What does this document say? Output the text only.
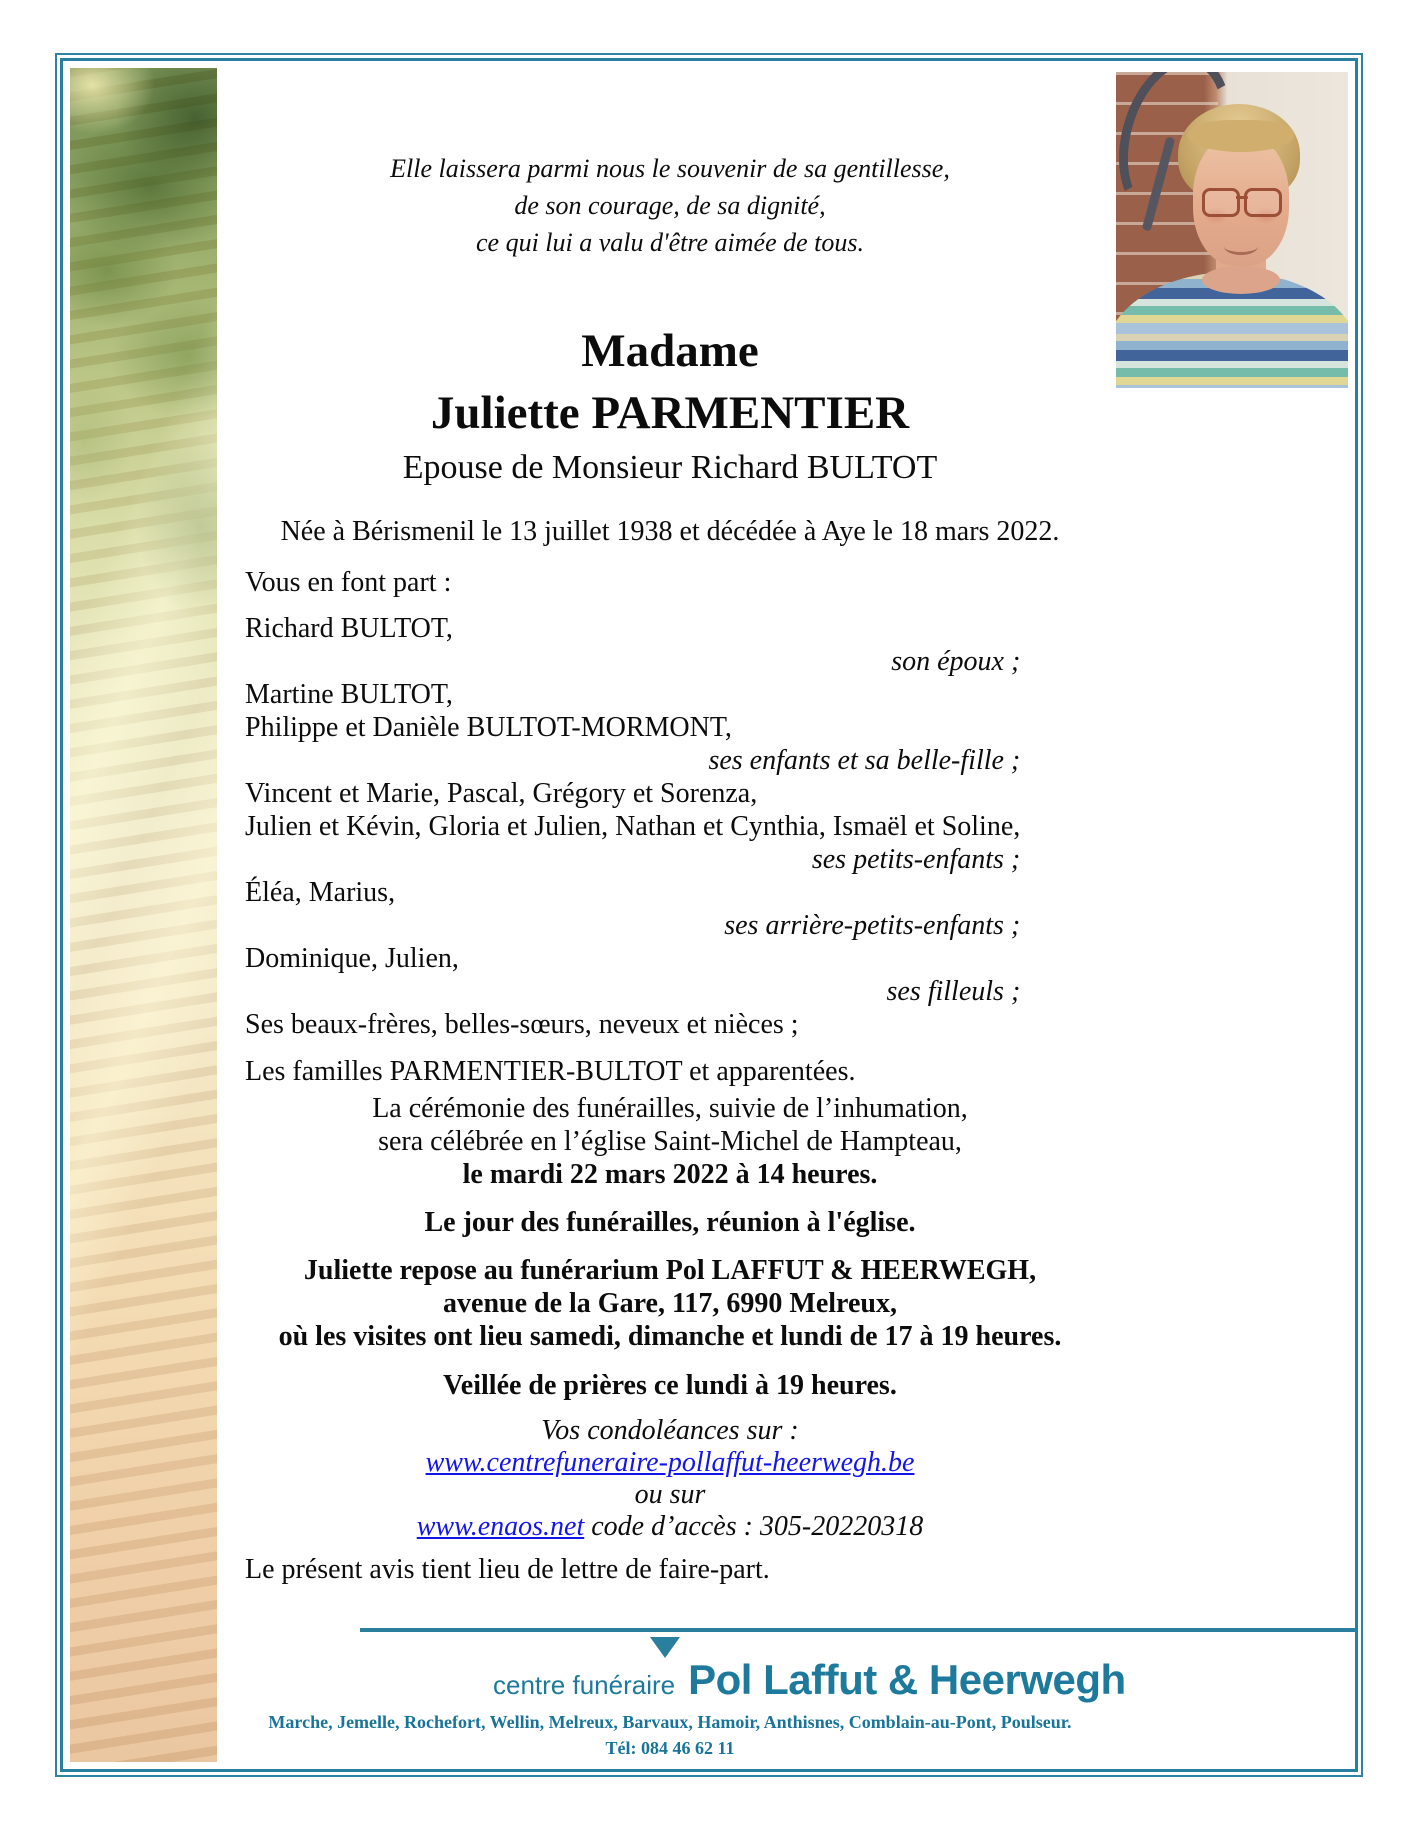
Elle laissera parmi nous le souvenir de sa gentillesse,

de son courage, de sa dignité,

ce qui lui a valu d'être aimée de tous.

Madame

Juliette PARMENTIER

Epouse de Monsieur Richard BULTOT
Née à Bérismenil le 13 juillet 1938 et décédée à Aye le 18 mars 2022.
Vous en font part :

Richard BULTOT,

son époux ;

Martine BULTOT,

Philippe et Danièle BULTOT-MORMONT,

ses enfants et sa belle-fille ;

Vincent et Marie, Pascal, Grégory et Sorenza,

Julien et Kévin, Gloria et Julien, Nathan et Cynthia, Ismaël et Soline,

ses petits-enfants ;

Éléa, Marius,

ses arrière-petits-enfants ;

Dominique, Julien,

ses filleuls ;

Ses beaux-frères, belles-sœurs, neveux et nièces ;

Les familles PARMENTIER-BULTOT et apparentées.

La cérémonie des funérailles, suivie de l’inhumation,

sera célébrée en l’église Saint-Michel de Hampteau,

le mardi 22 mars 2022 à 14 heures.

Le jour des funérailles, réunion à l'église.

Juliette repose au funérarium Pol LAFFUT & HEERWEGH,

avenue de la Gare, 117, 6990 Melreux,

où les visites ont lieu samedi, dimanche et lundi de 17 à 19 heures.

Veillée de prières ce lundi à 19 heures.

Vos condoléances sur :

www.centrefuneraire-pollaffut-heerwegh.be

ou sur

www.enaos.net code d’accès : 305-20220318

Le présent avis tient lieu de lettre de faire-part.
Marche, Jemelle, Rochefort, Wellin, Melreux, Barvaux, Hamoir, Anthisnes, Comblain-au-Pont, Poulseur.
Tél: 084 46 62 11
centre funéraire Pol Laffut & Heerwegh
